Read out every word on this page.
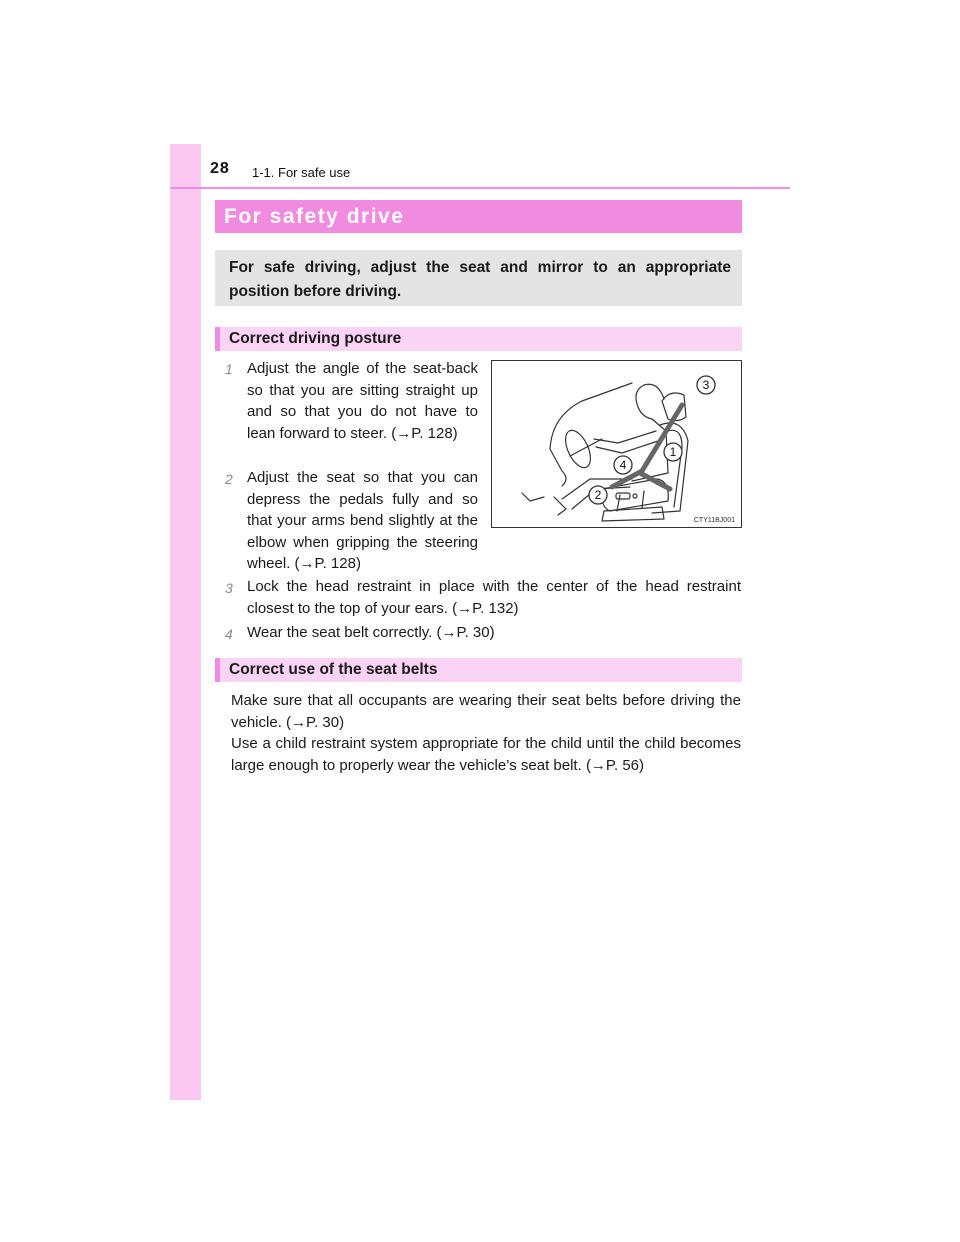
28 1-1. For safe use
For safety drive
For safe driving, adjust the seat and mirror to an appropriate position before driving.
Correct driving posture
1 Adjust the angle of the seat-back so that you are sitting straight up and so that you do not have to lean forward to steer. (→P. 128)
2 Adjust the seat so that you can depress the pedals fully and so that your arms bend slightly at the elbow when gripping the steering wheel. (→P. 128)
3
1
4
2
CTY11BJ001
3 Lock the head restraint in place with the center of the head restraint closest to the top of your ears. (→P. 132)
4 Wear the seat belt correctly. (→P. 30)
Correct use of the seat belts
Make sure that all occupants are wearing their seat belts before driving the vehicle. (→P. 30)
Use a child restraint system appropriate for the child until the child becomes large enough to properly wear the vehicle’s seat belt. (→P. 56)
